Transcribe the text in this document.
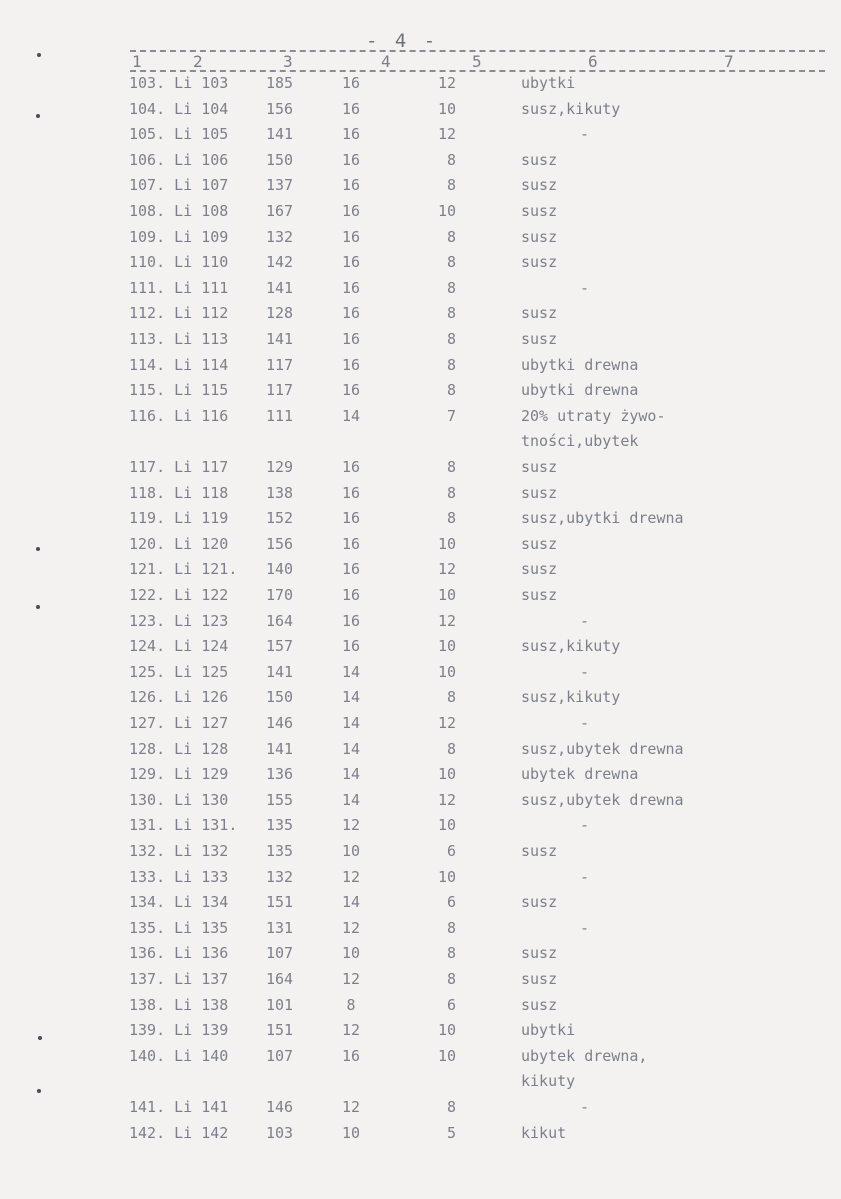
- 4 -
1	2	3	4	5	6	7
103. Li 103	185	16	12	ubytki
104. Li 104	156	16	10	susz,kikuty
105. Li 105	141	16	12	-
106. Li 106	150	16	8	susz
107. Li 107	137	16	8	susz
108. Li 108	167	16	10	susz
109. Li 109	132	16	8	susz
110. Li 110	142	16	8	susz
111. Li 111	141	16	8	-
112. Li 112	128	16	8	susz
113. Li 113	141	16	8	susz
114. Li 114	117	16	8	ubytki drewna
115. Li 115	117	16	8	ubytki drewna
116. Li 116	111	14	7	20% utraty żywo-
tności,ubytek
117. Li 117	129	16	8	susz
118. Li 118	138	16	8	susz
119. Li 119	152	16	8	susz,ubytki drewna
120. Li 120	156	16	10	susz
121. Li 121. 140	16	12	susz
122. Li 122	170	16	10	susz
123. Li 123	164	16	12	-
124. Li 124	157	16	10	susz,kikuty
125. Li 125	141	14	10	-
126. Li 126	150	14	8	susz,kikuty
127. Li 127	146	14	12	-
128. Li 128	141	14	8	susz,ubytek drewna
129. Li 129	136	14	10	ubytek drewna
130. Li 130	155	14	12	susz,ubytek drewna
131. Li 131. 135	12	10	-
132. Li 132	135	10	6	susz
133. Li 133	132	12	10	-
134. Li 134	151	14	6	susz
135. Li 135	131	12	8	-
136. Li 136	107	10	8	susz
137. Li 137	164	12	8	susz
138. Li 138	101	8	6	susz
139. Li 139	151	12	10	ubytki
140. Li 140	107	16	10	ubytek drewna,
kikuty
141. Li 141	146	12	8	-
142. Li 142	103	10	5	kikut
